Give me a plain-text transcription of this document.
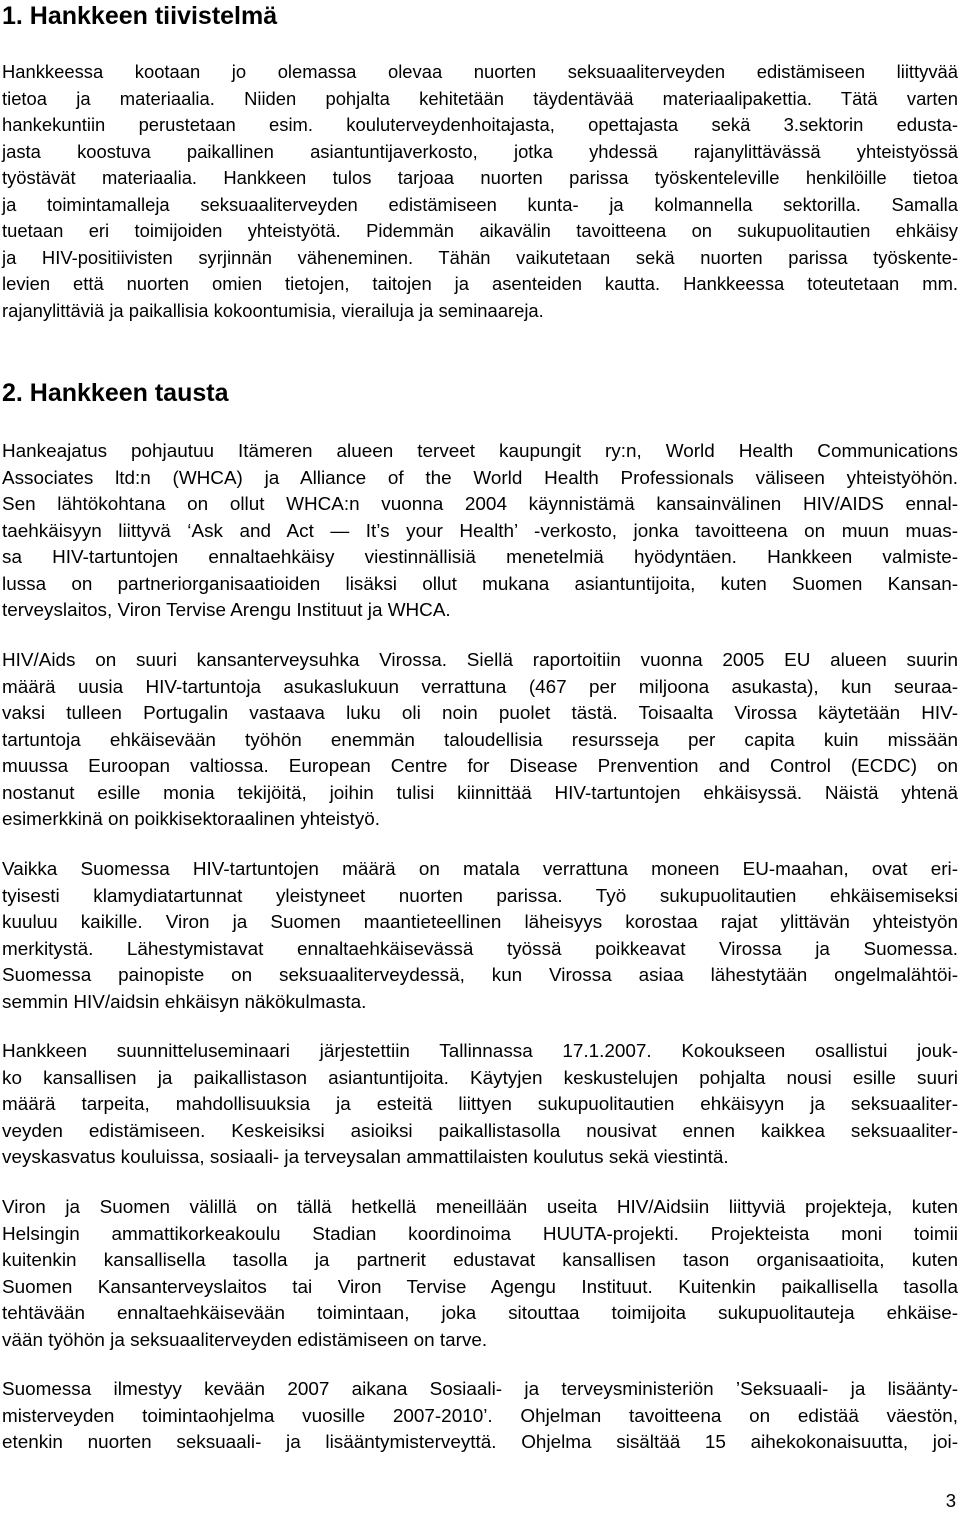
1. Hankkeen tiivistelmä
Hankkeessa kootaan jo olemassa olevaa nuorten seksuaaliterveyden edistämiseen liittyvää
tietoa ja materiaalia. Niiden pohjalta kehitetään täydentävää materiaalipakettia. Tätä varten
hankekuntiin perustetaan esim. kouluterveydenhoitajasta, opettajasta sekä 3.sektorin edusta-
jasta koostuva paikallinen asiantuntijaverkosto, jotka yhdessä rajanylittävässä yhteistyössä
työstävät materiaalia. Hankkeen tulos tarjoaa nuorten parissa työskenteleville henkilöille tietoa
ja toimintamalleja seksuaaliterveyden edistämiseen kunta- ja kolmannella sektorilla. Samalla
tuetaan eri toimijoiden yhteistyötä. Pidemmän aikavälin tavoitteena on sukupuolitautien ehkäisy
ja HIV-positiivisten syrjinnän väheneminen. Tähän vaikutetaan sekä nuorten parissa työskente-
levien että nuorten omien tietojen, taitojen ja asenteiden kautta. Hankkeessa toteutetaan mm.
rajanylittäviä ja paikallisia kokoontumisia, vierailuja ja seminaareja.
2. Hankkeen tausta
Hankeajatus pohjautuu Itämeren alueen terveet kaupungit ry:n, World Health Communications
Associates ltd:n (WHCA) ja Alliance of the World Health Professionals väliseen yhteistyöhön.
Sen lähtökohtana on ollut WHCA:n vuonna 2004 käynnistämä kansainvälinen HIV/AIDS ennal-
taehkäisyyn liittyvä ‘Ask and Act — It’s your Health’ -verkosto, jonka tavoitteena on muun muas-
sa HIV-tartuntojen ennaltaehkäisy viestinnällisiä menetelmiä hyödyntäen. Hankkeen valmiste-
lussa on partneriorganisaatioiden lisäksi ollut mukana asiantuntijoita, kuten Suomen Kansan-
terveyslaitos, Viron Tervise Arengu Instituut ja WHCA.
HIV/Aids on suuri kansanterveysuhka Virossa. Siellä raportoitiin vuonna 2005 EU alueen suurin
määrä uusia HIV-tartuntoja asukaslukuun verrattuna (467 per miljoona asukasta), kun seuraa-
vaksi tulleen Portugalin vastaava luku oli noin puolet tästä. Toisaalta Virossa käytetään HIV-
tartuntoja ehkäisevään työhön enemmän taloudellisia resursseja per capita kuin missään
muussa Euroopan valtiossa. European Centre for Disease Prenvention and Control (ECDC) on
nostanut esille monia tekijöitä, joihin tulisi kiinnittää HIV-tartuntojen ehkäisyssä. Näistä yhtenä
esimerkkinä on poikkisektoraalinen yhteistyö.
Vaikka Suomessa HIV-tartuntojen määrä on matala verrattuna moneen EU-maahan, ovat eri-
tyisesti klamydiatartunnat yleistyneet nuorten parissa. Työ sukupuolitautien ehkäisemiseksi
kuuluu kaikille. Viron ja Suomen maantieteellinen läheisyys korostaa rajat ylittävän yhteistyön
merkitystä. Lähestymistavat ennaltaehkäisevässä työssä poikkeavat Virossa ja Suomessa.
Suomessa painopiste on seksuaaliterveydessä, kun Virossa asiaa lähestytään ongelmalähtöi-
semmin HIV/aidsin ehkäisyn näkökulmasta.
Hankkeen suunnitteluseminaari järjestettiin Tallinnassa 17.1.2007. Kokoukseen osallistui jouk-
ko kansallisen ja paikallistason asiantuntijoita. Käytyjen keskustelujen pohjalta nousi esille suuri
määrä tarpeita, mahdollisuuksia ja esteitä liittyen sukupuolitautien ehkäisyyn ja seksuaaliter-
veyden edistämiseen. Keskeisiksi asioiksi paikallistasolla nousivat ennen kaikkea seksuaaliter-
veyskasvatus kouluissa, sosiaali- ja terveysalan ammattilaisten koulutus sekä viestintä.
Viron ja Suomen välillä on tällä hetkellä meneillään useita HIV/Aidsiin liittyviä projekteja, kuten
Helsingin ammattikorkeakoulu Stadian koordinoima HUUTA-projekti. Projekteista moni toimii
kuitenkin kansallisella tasolla ja partnerit edustavat kansallisen tason organisaatioita, kuten
Suomen Kansanterveyslaitos tai Viron Tervise Agengu Instituut. Kuitenkin paikallisella tasolla
tehtävään ennaltaehkäisevään toimintaan, joka sitouttaa toimijoita sukupuolitauteja ehkäise-
vään työhön ja seksuaaliterveyden edistämiseen on tarve.
Suomessa ilmestyy kevään 2007 aikana Sosiaali- ja terveysministeriön ’Seksuaali- ja lisäänty-
misterveyden toimintaohjelma vuosille 2007-2010’. Ohjelman tavoitteena on edistää väestön,
etenkin nuorten seksuaali- ja lisääntymisterveyttä. Ohjelma sisältää 15 aihekokonaisuutta, joi-
3
